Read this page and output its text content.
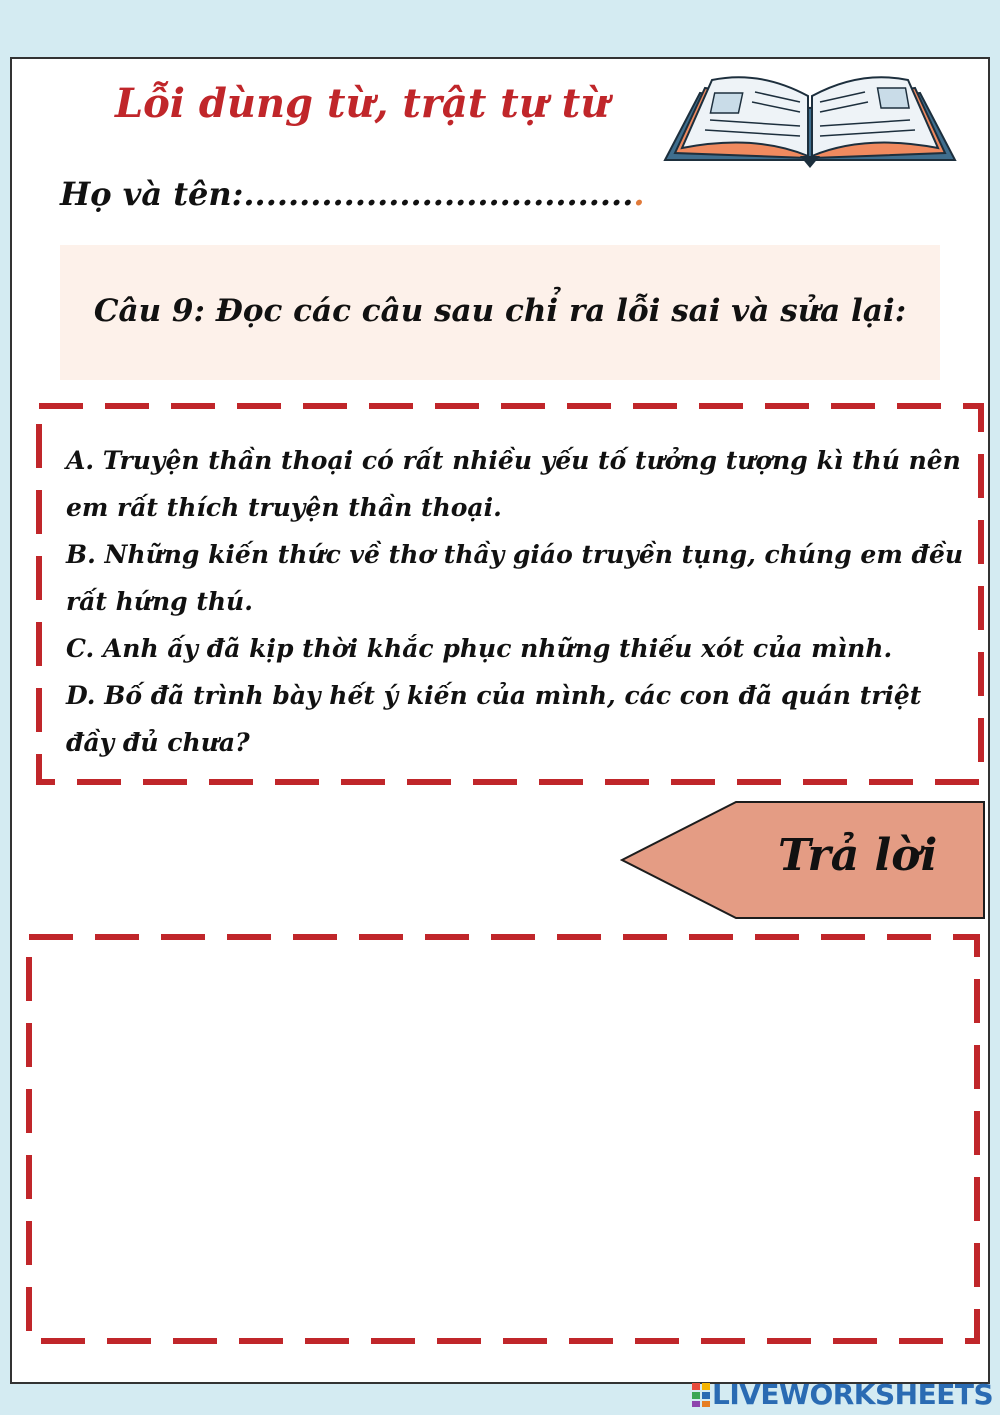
Lỗi dùng từ, trật tự từ
Họ và tên:....................................
Câu 9: Đọc các câu sau chỉ ra lỗi sai và sửa lại:
A. Truyện thần thoại có rất nhiều yếu tố tưởng tượng kì thú nên
em rất thích truyện thần thoại.
B. Những kiến thức về thơ thầy giáo truyền tụng, chúng em đều
rất hứng thú.
C. Anh ấy đã kịp thời khắc phục những thiếu xót của mình.
D. Bố đã trình bày hết ý kiến của mình, các con đã quán triệt
đầy đủ chưa?
Trả lời
LIVEWORKSHEETS
